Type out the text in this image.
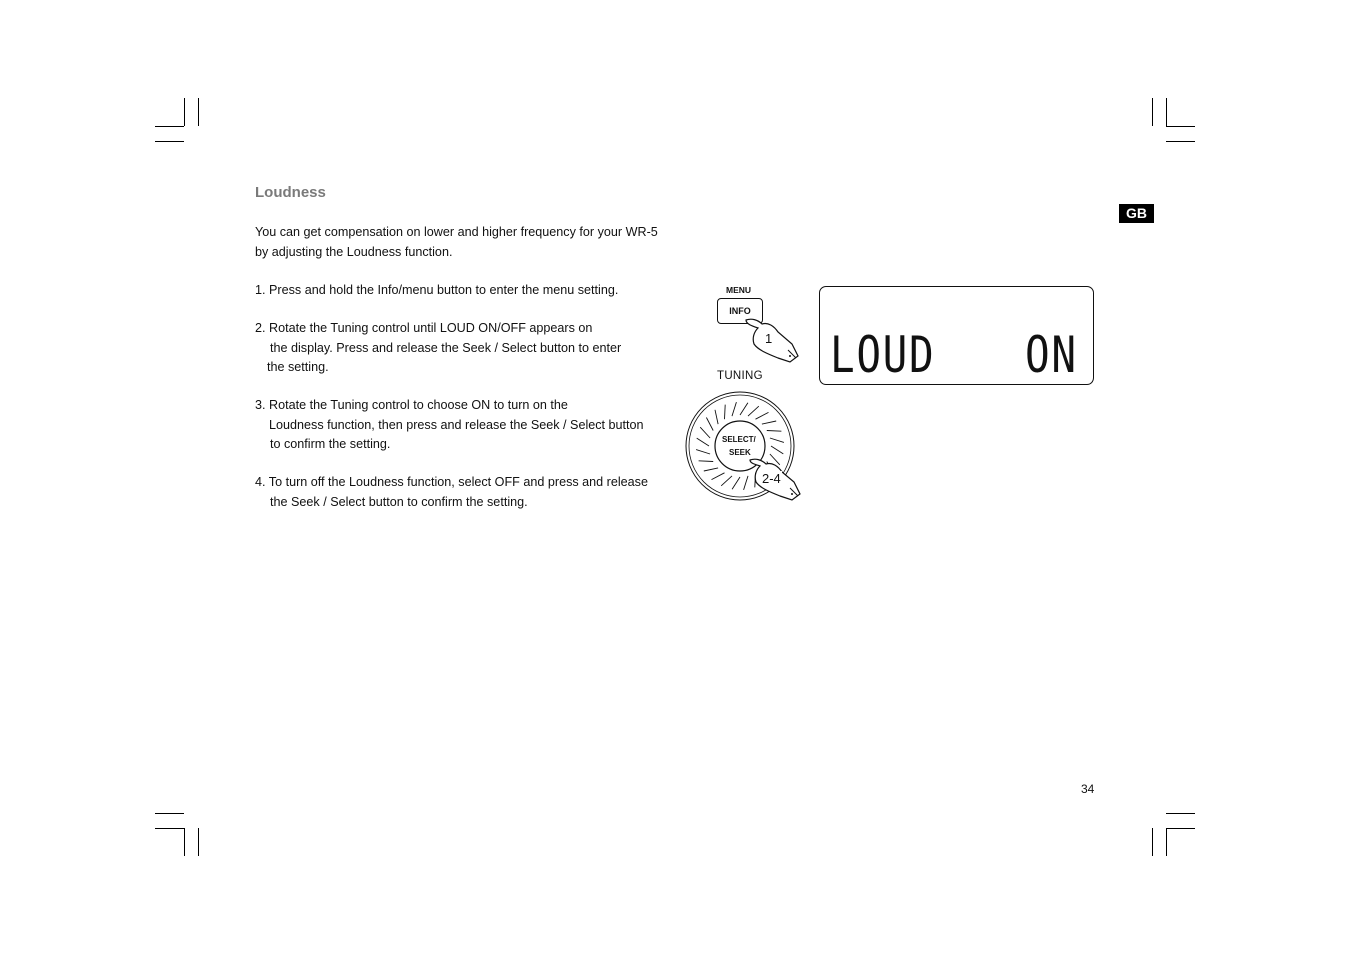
Loudness
You can get compensation on lower and higher frequency for your WR-5
by adjusting the Loudness function.
1. Press and hold the Info/menu button to enter the menu setting.
2. Rotate the Tuning control until LOUD ON/OFF appears on
the display. Press and release the Seek / Select button to enter
the setting.
3. Rotate the Tuning control to choose ON to turn on the
Loudness function, then press and release the Seek / Select button
to confirm the setting.
4. To turn off the Loudness function, select OFF and press and release
the Seek / Select button to confirm the setting.
GB
MENU
INFO
1
TUNING
SELECT/
SEEK
2-4
LOUD ON
34
